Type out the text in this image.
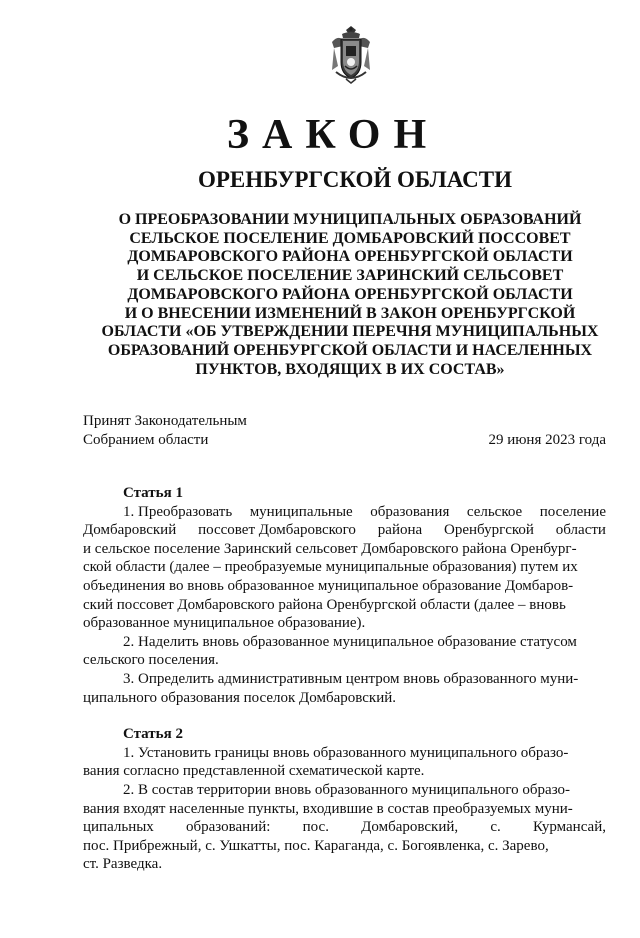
ЗАКОН
ОРЕНБУРГСКОЙ ОБЛАСТИ
О ПРЕОБРАЗОВАНИИ МУНИЦИПАЛЬНЫХ ОБРАЗОВАНИЙ
СЕЛЬСКОЕ ПОСЕЛЕНИЕ ДОМБАРОВСКИЙ ПОССОВЕТ
ДОМБАРОВСКОГО РАЙОНА ОРЕНБУРГСКОЙ ОБЛАСТИ
И СЕЛЬСКОЕ ПОСЕЛЕНИЕ ЗАРИНСКИЙ СЕЛЬСОВЕТ
ДОМБАРОВСКОГО РАЙОНА ОРЕНБУРГСКОЙ ОБЛАСТИ
И О ВНЕСЕНИИ ИЗМЕНЕНИЙ В ЗАКОН ОРЕНБУРГСКОЙ
ОБЛАСТИ «ОБ УТВЕРЖДЕНИИ ПЕРЕЧНЯ МУНИЦИПАЛЬНЫХ
ОБРАЗОВАНИЙ ОРЕНБУРГСКОЙ ОБЛАСТИ И НАСЕЛЕННЫХ
ПУНКТОВ, ВХОДЯЩИХ В ИХ СОСТАВ»
Принят Законодательным
Собранием области	29 июня 2023 года
Статья 1
1. Преобразовать муниципальные образования сельское поселение
Домбаровский поссовет Домбаровского района Оренбургской области
и сельское поселение Заринский сельсовет Домбаровского района Оренбург-
ской области (далее – преобразуемые муниципальные образования) путем их
объединения во вновь образованное муниципальное образование Домбаров-
ский поссовет Домбаровского района Оренбургской области (далее – вновь
образованное муниципальное образование).
2. Наделить вновь образованное муниципальное образование статусом
сельского поселения.
3. Определить административным центром вновь образованного муни-
ципального образования поселок Домбаровский.
Статья 2
1. Установить границы вновь образованного муниципального образо-
вания согласно представленной схематической карте.
2. В состав территории вновь образованного муниципального образо-
вания входят населенные пункты, входившие в состав преобразуемых муни-
ципальных образований: пос. Домбаровский, с. Курмансай,
пос. Прибрежный, с. Ушкатты, пос. Караганда, с. Богоявленка, с. Зарево,
ст. Разведка.
